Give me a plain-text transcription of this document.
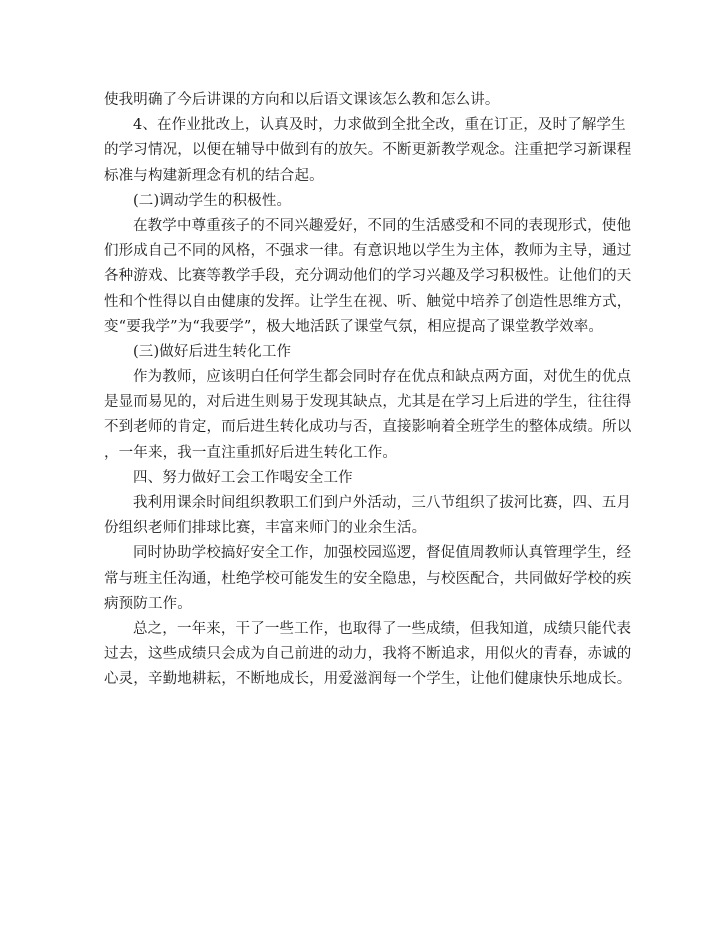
使我明确了今后讲课的方向和以后语文课该怎么教和怎么讲。
4、在作业批改上，认真及时，力求做到全批全改，重在订正，及时了解学生
的学习情况，以便在辅导中做到有的放矢。不断更新教学观念。注重把学习新课程
标准与构建新理念有机的结合起。
(二)调动学生的积极性。
在教学中尊重孩子的不同兴趣爱好，不同的生活感受和不同的表现形式，使他
们形成自己不同的风格，不强求一律。有意识地以学生为主体，教师为主导，通过
各种游戏、比赛等教学手段，充分调动他们的学习兴趣及学习积极性。让他们的天
性和个性得以自由健康的发挥。让学生在视、听、触觉中培养了创造性思维方式，
变“要我学”为“我要学”，极大地活跃了课堂气氛，相应提高了课堂教学效率。
(三)做好后进生转化工作
作为教师，应该明白任何学生都会同时存在优点和缺点两方面，对优生的优点
是显而易见的，对后进生则易于发现其缺点，尤其是在学习上后进的学生，往往得
不到老师的肯定，而后进生转化成功与否，直接影响着全班学生的整体成绩。所以
，一年来，我一直注重抓好后进生转化工作。
四、努力做好工会工作喝安全工作
我利用课余时间组织教职工们到户外活动，三八节组织了拔河比赛，四、五月
份组织老师们排球比赛，丰富来师门的业余生活。
同时协助学校搞好安全工作，加强校园巡逻，督促值周教师认真管理学生，经
常与班主任沟通，杜绝学校可能发生的安全隐患，与校医配合，共同做好学校的疾
病预防工作。
总之，一年来，干了一些工作，也取得了一些成绩，但我知道，成绩只能代表
过去，这些成绩只会成为自己前进的动力，我将不断追求，用似火的青春，赤诚的
心灵，辛勤地耕耘，不断地成长，用爱滋润每一个学生，让他们健康快乐地成长。
